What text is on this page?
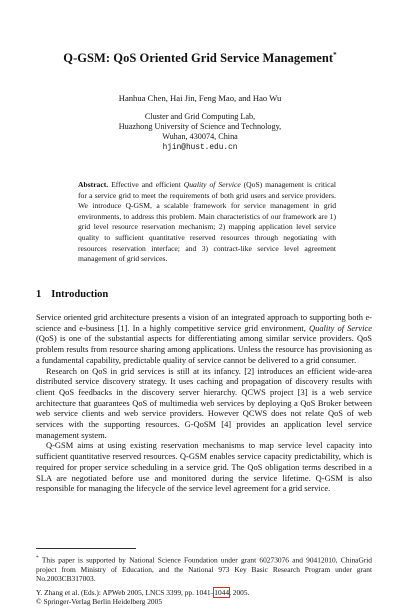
Q-GSM: QoS Oriented Grid Service Management*
Hanhua Chen, Hai Jin, Feng Mao, and Hao Wu
Cluster and Grid Computing Lab,
Huazhong University of Science and Technology,
Wuhan, 430074, China
hjin@hust.edu.cn
Abstract. Effective and efficient Quality of Service (QoS) management is critical for a service grid to meet the requirements of both grid users and service providers. We introduce Q-GSM, a scalable framework for service management in grid environments, to address this problem. Main characteristics of our framework are 1) grid level resource reservation mechanism; 2) mapping application level service quality to sufficient quantitative reserved resources through negotiating with resources reservation interface; and 3) contract-like service level agreement management of grid services.
1 Introduction

Service oriented grid architecture presents a vision of an integrated approach to supporting both e-science and e-business [1]. In a highly competitive service grid environment, Quality of Service (QoS) is one of the substantial aspects for differentiating among similar service providers. QoS problem results from resource sharing among applications. Unless the resource has provisioning as a fundamental capability, predictable quality of service cannot be delivered to a grid consumer.

Research on QoS in grid services is still at its infancy. [2] introduces an efficient wide-area distributed service discovery strategy. It uses caching and propagation of discovery results with client QoS feedbacks in the discovery server hierarchy. QCWS project [3] is a web service architecture that guarantees QoS of multimedia web services by deploying a QoS Broker between web service clients and web service providers. However QCWS does not relate QoS of web services with the supporting resources. G-QoSM [4] provides an application level service management system.

Q-GSM aims at using existing reservation mechanisms to map service level capacity into sufficient quantitative reserved resources. Q-GSM enables service capacity predictability, which is required for proper service scheduling in a service grid. The QoS obligation terms described in a SLA are negotiated before use and monitored during the service lifetime. Q-GSM is also responsible for managing the lifecycle of the service level agreement for a grid service.

* This paper is supported by National Science Foundation under grant 60273076 and 90412010, ChinaGrid project from Ministry of Education, and the National 973 Key Basic Research Program under grant No.2003CB317003.
Y. Zhang et al. (Eds.): APWeb 2005, LNCS 3399, pp. 1041–1044, 2005.
© Springer-Verlag Berlin Heidelberg 2005
